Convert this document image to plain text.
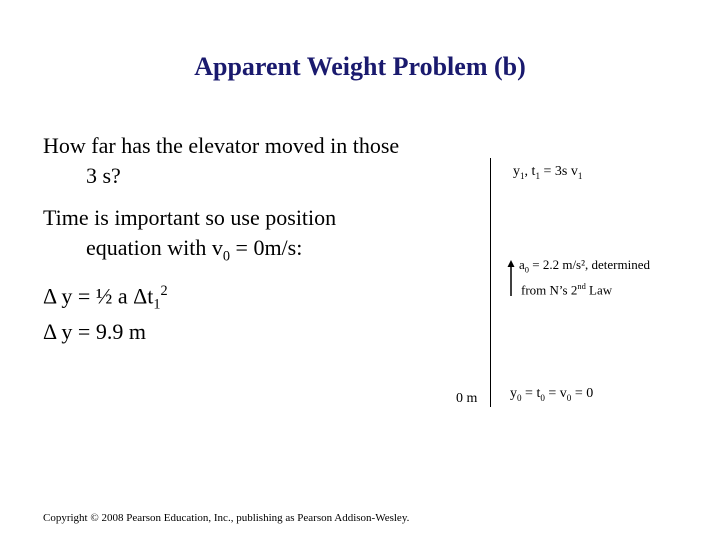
Apparent Weight Problem (b)
How far has the elevator moved in those
3 s?
Time is important so use position
equation with $v_0 = 0m/s$:
Δ y = ½ a $\Delta t_1^2$
Δ y = 9.9 m
0 m
$y_1$, $t_1 = 3s$ $v_1$
$a_0 = 2.2$ m/s², determined
from N’s 2nd Law
$y_0 = t_0 = v_0 = 0$
Copyright © 2008 Pearson Education, Inc., publishing as Pearson Addison-Wesley.
